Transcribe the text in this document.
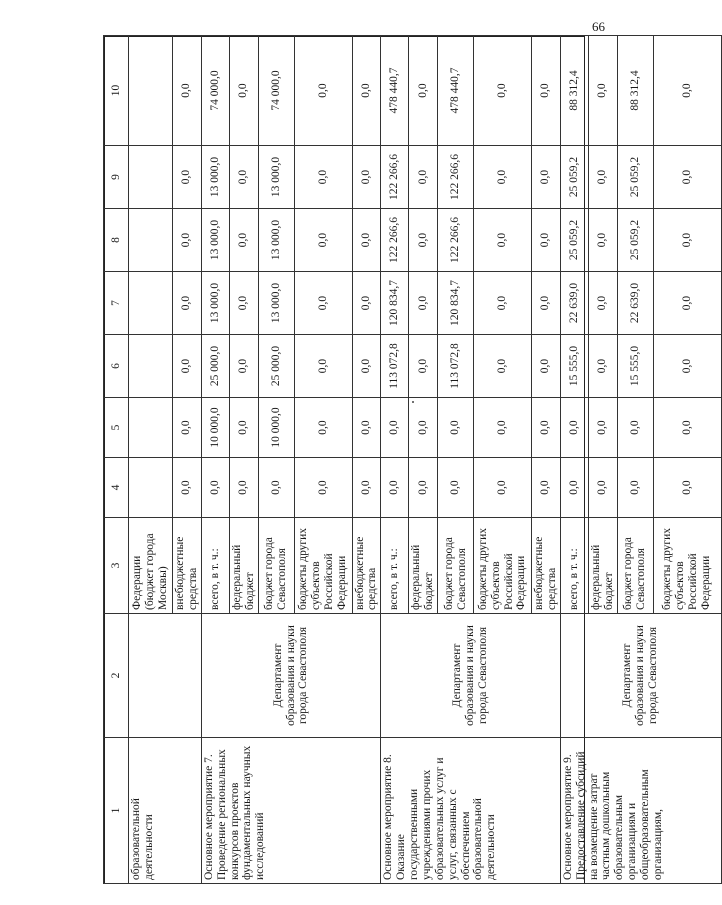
66
1	2	3	4	5	6	7	8	9	10
образовательной деятельности		Федерации (бюджет города Москвы)							
		внебюджетные средства	0,0	0,0	0,0	0,0	0,0	0,0	0,0
Основное мероприятие 7. Проведение региональных конкурсов проектов фундаментальных научных исследований	Департамент образования и науки города Севастополя	всего, в т. ч.:	0,0	10 000,0	25 000,0	13 000,0	13 000,0	13 000,0	74 000,0
		федеральный бюджет	0,0	0,0	0,0	0,0	0,0	0,0	0,0
		бюджет города Севастополя	0,0	10 000,0	25 000,0	13 000,0	13 000,0	13 000,0	74 000,0
		бюджеты других субъектов Российской Федерации	0,0	0,0	0,0	0,0	0,0	0,0	0,0
		внебюджетные средства	0,0	0,0	0,0	0,0	0,0	0,0	0,0
Основное мероприятие 8. Оказание государственными учреждениями прочих образовательных услуг и услуг, связанных с обеспечением образовательной деятельности	Департамент образования и науки города Севастополя	всего, в т. ч.:	0,0	0,0	113 072,8	120 834,7	122 266,6	122 266,6	478 440,7
		федеральный бюджет	0,0	0,0	0,0	0,0	0,0	0,0	0,0
		бюджет города Севастополя	0,0	0,0	113 072,8	120 834,7	122 266,6	122 266,6	478 440,7
		бюджеты других субъектов Российской Федерации	0,0	0,0	0,0	0,0	0,0	0,0	0,0
		внебюджетные средства	0,0	0,0	0,0	0,0	0,0	0,0	0,0
Основное мероприятие 9. Предоставление субсидий на возмещение затрат частным дошкольным образовательным организациям и общеобразовательным организациям,	Департамент образования и науки города Севастополя	всего, в т. ч.:	0,0	0,0	15 555,0	22 639,0	25 059,2	25 059,2	88 312,4
		федеральный бюджет	0,0	0,0	0,0	0,0	0,0	0,0	0,0
		бюджет города Севастополя	0,0	0,0	15 555,0	22 639,0	25 059,2	25 059,2	88 312,4
		бюджеты других субъектов Российской Федерации	0,0	0,0	0,0	0,0	0,0	0,0	0,0
